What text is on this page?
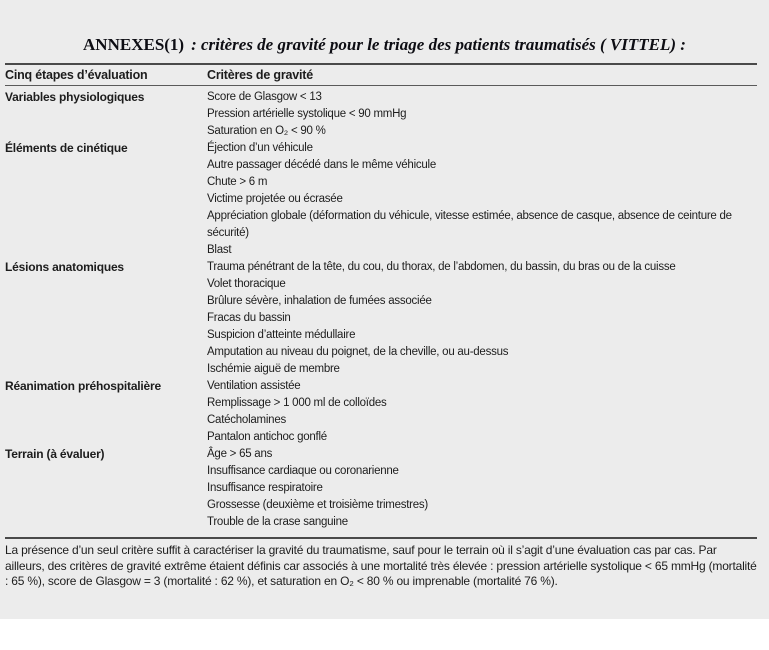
ANNEXES(1) : critères de gravité pour le triage des patients traumatisés ( VITTEL) :
Cinq étapes d’évaluation	Critères de gravité
Variables physiologiques	Score de Glasgow < 13
Pression artérielle systolique < 90 mmHg
Saturation en O₂ < 90 %
Éléments de cinétique	Éjection d’un véhicule
Autre passager décédé dans le même véhicule
Chute > 6 m
Victime projetée ou écrasée
Appréciation globale (déformation du véhicule, vitesse estimée, absence de casque, absence de ceinture de sécurité)
Blast
Lésions anatomiques	Trauma pénétrant de la tête, du cou, du thorax, de l’abdomen, du bassin, du bras ou de la cuisse
Volet thoracique
Brûlure sévère, inhalation de fumées associée
Fracas du bassin
Suspicion d’atteinte médullaire
Amputation au niveau du poignet, de la cheville, ou au-dessus
Ischémie aiguë de membre
Réanimation préhospitalière	Ventilation assistée
Remplissage > 1 000 ml de colloïdes
Catécholamines
Pantalon antichoc gonflé
Terrain (à évaluer)	Âge > 65 ans
Insuffisance cardiaque ou coronarienne
Insuffisance respiratoire
Grossesse (deuxième et troisième trimestres)
Trouble de la crase sanguine

La présence d’un seul critère suffit à caractériser la gravité du traumatisme, sauf pour le terrain où il s’agit d’une évaluation cas par cas. Par ailleurs, des critères de gravité extrême étaient définis car associés à une mortalité très élevée : pression artérielle systolique < 65 mmHg (mortalité : 65 %), score de Glasgow = 3 (mortalité : 62 %), et saturation en O₂ < 80 % ou imprenable (mortalité 76 %).
